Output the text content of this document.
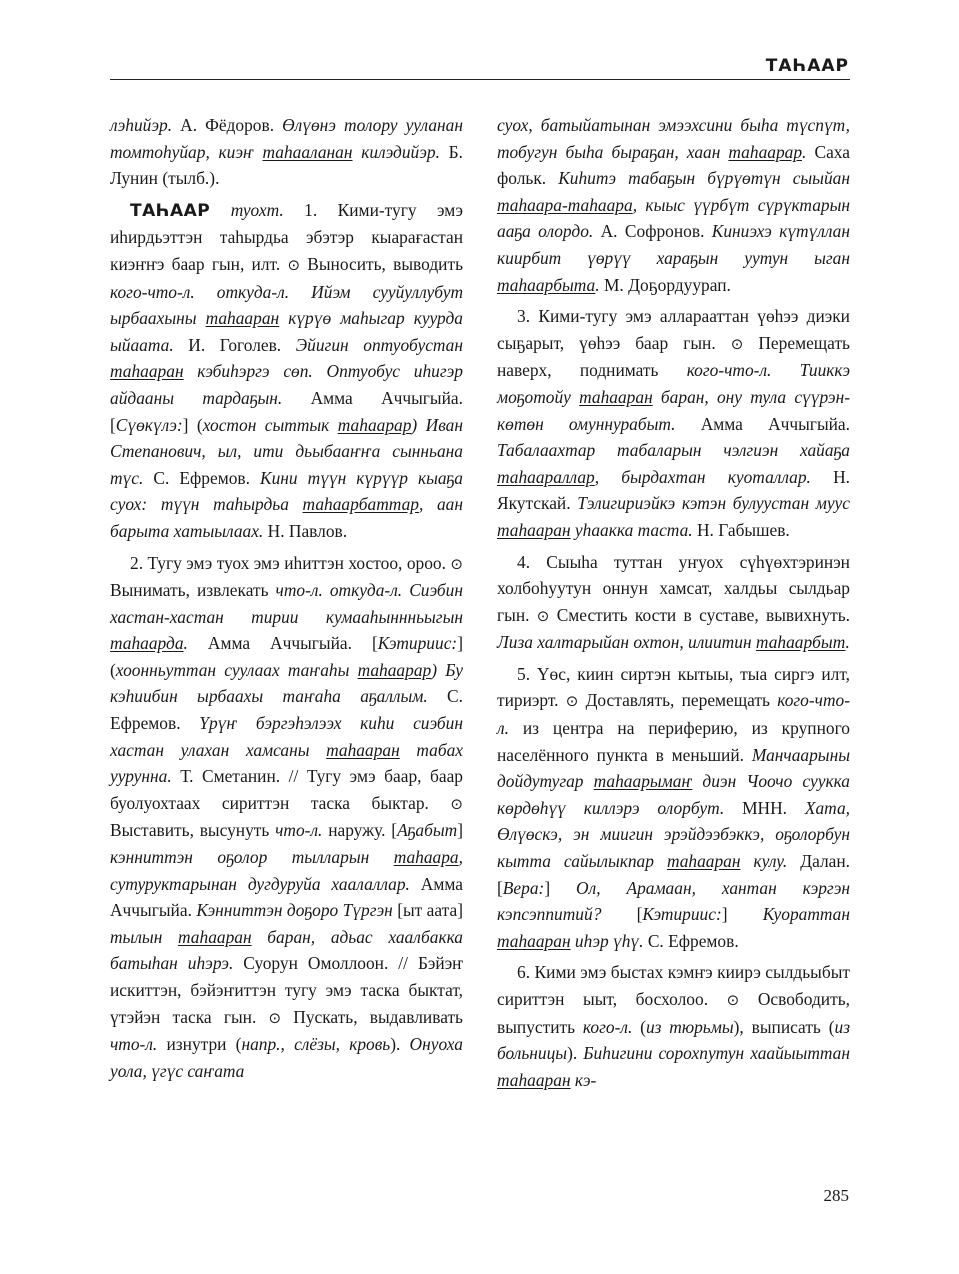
ТАҺААР

лэһийэр. А. Фёдоров. Өлүөнэ толору ууланан томтоһуйар, киэҥ таһааланан килэдийэр. Б. Лунин (тылб.).

ТАҺААР туохт. 1. Кими-тугу эмэ иһирдьэттэн таһырдьа эбэтэр кыарағастан киэҥҥэ баар гын, илт. ⊙ Выносить, выводить кого-что-л. откуда-л. Ийэм сууйуллубут ырбаахыны таһааран күрүө маһыгар куурда ыйаата. И. Гоголев. Эйигин оптуобустан таһааран кэбиһэргэ сөп. Оптуобус иһигэр айдааны тардаҕын. Амма Аччыгыйа. [Сүөкүлэ:] (хостон сыттык таһаарар) Иван Степанович, ыл, ити дьыбааҥҥа сынньана түс. С. Ефремов. Кини түүн күрүүр кыаҕа суох: түүн таһырдьа таһаарбаттар, аан барыта хатыылаах. Н. Павлов.

2. Тугу эмэ туох эмэ иһиттэн хостоо, ороо. ⊙ Вынимать, извлекать что-л. откуда-л. Сиэбин хастан-хастан тирии кумааһыннньыгын таһаарда. Амма Аччыгыйа. [Кэтириис:] (хоонньуттан суулаах таҥаһы таһаарар) Бу кэһиибин ырбаахы таҥаһа аҕаллым. С. Ефремов. Үрүҥ бэргэһэлээх киһи сиэбин хастан улахан хамсаны таһааран табах уурунна. Т. Сметанин. // Тугу эмэ баар, баар буолуохтаах сириттэн таска быктар. ⊙ Выставить, высунуть что-л. наружу. [Аҕабыт] кэнниттэн оҕолор тылларын таһаара, сутуруктарынан дугдуруйа хаалаллар. Амма Аччыгыйа. Кэнниттэн доҕоро Түргэн [ыт аата] тылын таһааран баран, адьас хаалбакка батыһан иһэрэ. Суорун Омоллоон. // Бэйэҥ искиттэн, бэйэҥиттэн тугу эмэ таска быктат, үтэйэн таска гын. ⊙ Пускать, выдавливать что-л. изнутри (напр., слёзы, кровь). Онуоха уола, үгүс саҥата

суох, батыйатынан эмээхсини быһа түспүт, тобугун быһа быраҕан, хаан таһаарар. Саха фольк. Киһитэ табаҕын бүрүөтүн сыыйан таһаара-таһаара, кыыс үүрбүт сүрүктарын ааҕа олордо. А. Софронов. Киниэхэ күтүллан киирбит үөрүү хараҕын уутун ыган таһаарбыта. М. Доҕордуурап.

3. Кими-тугу эмэ алларааттан үөһээ диэки сыҕарыт, үөһээ баар гын. ⊙ Перемещать наверх, поднимать кого-что-л. Тииккэ моҕотойу таһааран баран, ону тула сүүрэн-көтөн омуннурабыт. Амма Аччыгыйа. Табалаахтар табаларын чэлгиэн хайаҕа таһаараллар, бырдахтан куоталлар. Н. Якутскай. Тэлигириэйкэ кэтэн булуустан муус таһааран уһаакка таста. Н. Габышев.

4. Сыыһа туттан уҥуох сүһүөхтэринэн холбоһуутун оннун хамсат, халдьы сылдьар гын. ⊙ Сместить кости в суставе, вывихнуть. Лиза халтарыйан охтон, илиитин таһаарбыт.

5. Үөс, киин сиртэн кытыы, тыа сиргэ илт, тириэрт. ⊙ Доставлять, перемещать кого-что-л. из центра на периферию, из крупного населённого пункта в меньший. Манчаарыны дойдутугар таһаарымаҥ диэн Чоочо суукка көрдөһүү киллэрэ олорбут. МНН. Хата, Өлүөскэ, эн миигин эрэйдээбэккэ, оҕолорбун кытта сайылыкпар таһааран кулу. Далан. [Вера:] Ол, Арамаан, хантан кэргэн кэпсэппитий? [Кэтириис:] Куораттан таһааран иһэр үһү. С. Ефремов.

6. Кими эмэ быстах кэмҥэ киирэ сылдьыбыт сириттэн ыыт, босхолоо. ⊙ Освободить, выпустить кого-л. (из тюрьмы), выписать (из больницы). Биһигини сорохпутун хаайыыттан таһааран кэ-

285
